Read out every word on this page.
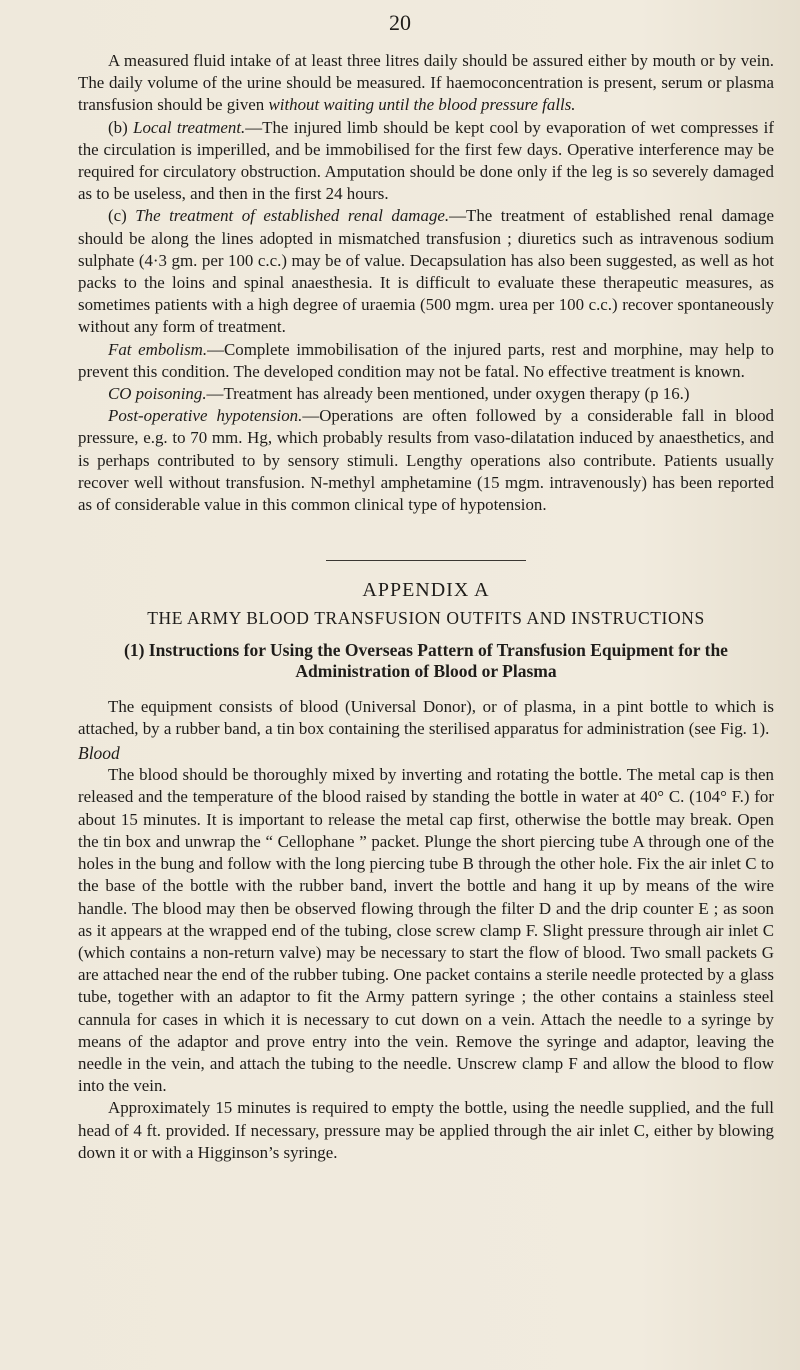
20

A measured fluid intake of at least three litres daily should be assured either by mouth or by vein. The daily volume of the urine should be measured. If haemoconcentration is present, serum or plasma transfusion should be given without waiting until the blood pressure falls.

(b) Local treatment.—The injured limb should be kept cool by evaporation of wet compresses if the circulation is imperilled, and be immobilised for the first few days. Operative interference may be required for circulatory obstruction. Amputation should be done only if the leg is so severely damaged as to be useless, and then in the first 24 hours.

(c) The treatment of established renal damage.—The treatment of established renal damage should be along the lines adopted in mismatched transfusion ; diuretics such as intravenous sodium sulphate (4·3 gm. per 100 c.c.) may be of value. Decapsulation has also been suggested, as well as hot packs to the loins and spinal anaesthesia. It is difficult to evaluate these therapeutic measures, as sometimes patients with a high degree of uraemia (500 mgm. urea per 100 c.c.) recover spontaneously without any form of treatment.

Fat embolism.—Complete immobilisation of the injured parts, rest and morphine, may help to prevent this condition. The developed condition may not be fatal. No effective treatment is known.

CO poisoning.—Treatment has already been mentioned, under oxygen therapy (p 16.)

Post-operative hypotension.—Operations are often followed by a considerable fall in blood pressure, e.g. to 70 mm. Hg, which probably results from vaso-dilatation induced by anaesthetics, and is perhaps contributed to by sensory stimuli. Lengthy operations also contribute. Patients usually recover well without transfusion. N-methyl amphetamine (15 mgm. intravenously) has been reported as of considerable value in this common clinical type of hypotension.

APPENDIX A
THE ARMY BLOOD TRANSFUSION OUTFITS AND INSTRUCTIONS
(1) Instructions for Using the Overseas Pattern of Transfusion Equipment for the Administration of Blood or Plasma

The equipment consists of blood (Universal Donor), or of plasma, in a pint bottle to which is attached, by a rubber band, a tin box containing the sterilised apparatus for administration (see Fig. 1).

Blood

The blood should be thoroughly mixed by inverting and rotating the bottle. The metal cap is then released and the temperature of the blood raised by standing the bottle in water at 40° C. (104° F.) for about 15 minutes. It is important to release the metal cap first, otherwise the bottle may break. Open the tin box and unwrap the “ Cellophane ” packet. Plunge the short piercing tube A through one of the holes in the bung and follow with the long piercing tube B through the other hole. Fix the air inlet C to the base of the bottle with the rubber band, invert the bottle and hang it up by means of the wire handle. The blood may then be observed flowing through the filter D and the drip counter E ; as soon as it appears at the wrapped end of the tubing, close screw clamp F. Slight pressure through air inlet C (which contains a non-return valve) may be necessary to start the flow of blood. Two small packets G are attached near the end of the rubber tubing. One packet contains a sterile needle protected by a glass tube, together with an adaptor to fit the Army pattern syringe ; the other contains a stainless steel cannula for cases in which it is necessary to cut down on a vein. Attach the needle to a syringe by means of the adaptor and prove entry into the vein. Remove the syringe and adaptor, leaving the needle in the vein, and attach the tubing to the needle. Unscrew clamp F and allow the blood to flow into the vein.

Approximately 15 minutes is required to empty the bottle, using the needle supplied, and the full head of 4 ft. provided. If necessary, pressure may be applied through the air inlet C, either by blowing down it or with a Higginson’s syringe.
